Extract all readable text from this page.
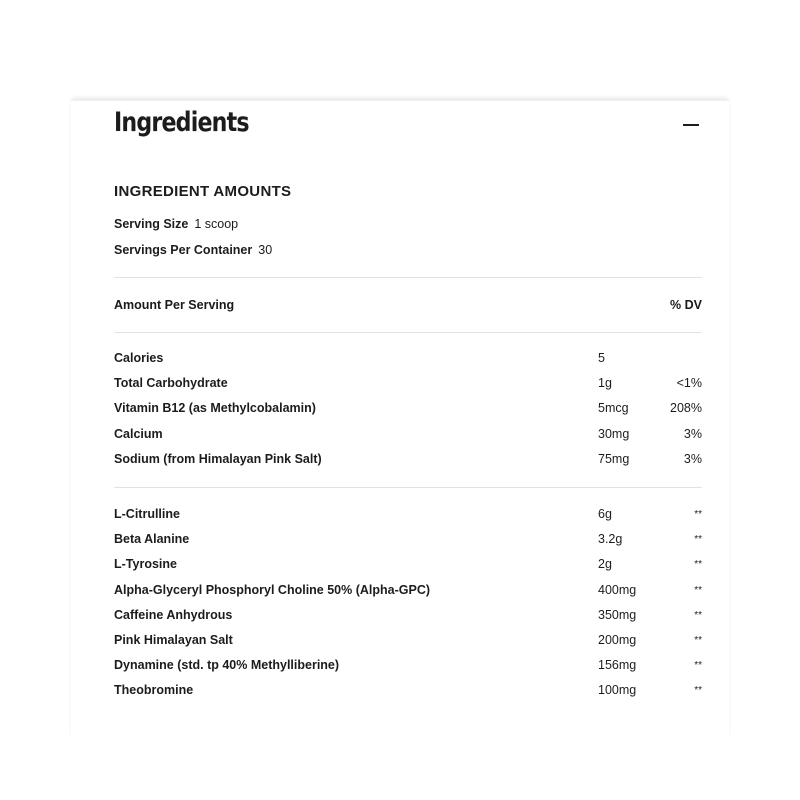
Ingredients
INGREDIENT AMOUNTS
Serving Size 1 scoop
Servings Per Container 30
Amount Per Serving	% DV
Calories	5
Total Carbohydrate	1g	<1%
Vitamin B12 (as Methylcobalamin)	5mcg	208%
Calcium	30mg	3%
Sodium (from Himalayan Pink Salt)	75mg	3%
L-Citrulline	6g	**
Beta Alanine	3.2g	**
L-Tyrosine	2g	**
Alpha-Glyceryl Phosphoryl Choline 50% (Alpha-GPC)	400mg	**
Caffeine Anhydrous	350mg	**
Pink Himalayan Salt	200mg	**
Dynamine (std. tp 40% Methylliberine)	156mg	**
Theobromine	100mg	**
